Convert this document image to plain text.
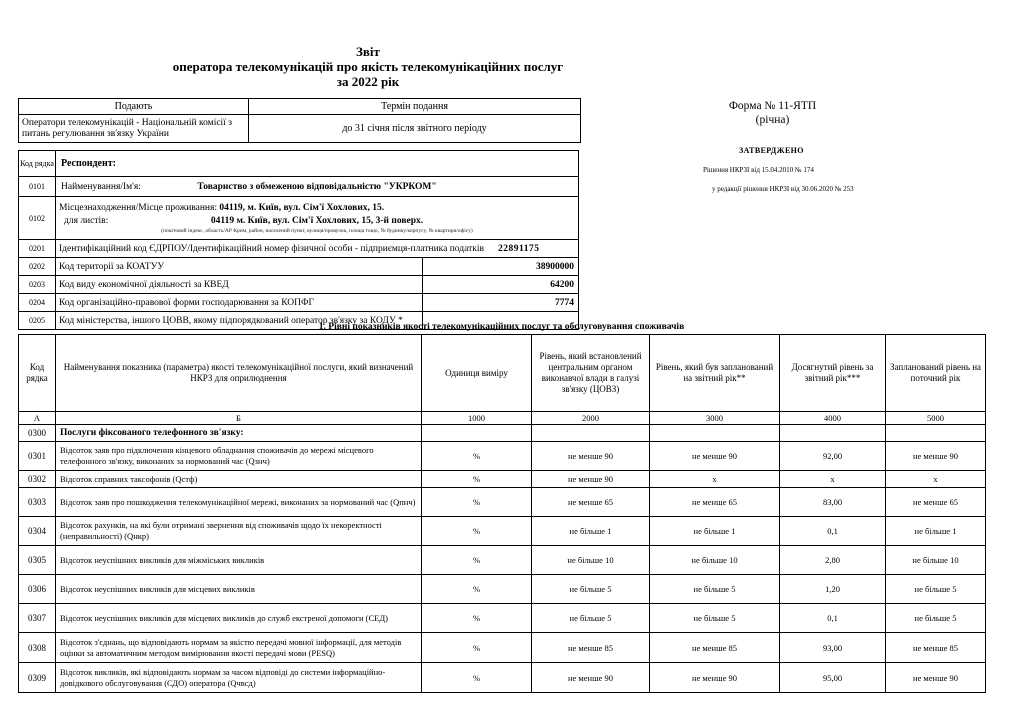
Звіт
оператора телекомунікацій про якість телекомунікаційних послуг
за 2022 рік
Форма № 11-ЯТП
(річна)
ЗАТВЕРДЖЕНО
Рішення НКРЗІ від 15.04.2010 № 174
у редакції рішення НКРЗІ від 30.06.2020 № 253
Подають	Термін подання
Оператори телекомунікацій - Національній комісії з питань регулювання зв'язку України	до 31 січня після звітного періоду
Код рядка	Респондент:	
0101	Найменування/Ім'я: Товариство з обмеженою відповідальністю "УКРКОМ"	

0102	Місцезнаходження/Місце проживання: 04119, м. Київ, вул. Сім'ї Хохлових, 15.
для листів: 04119 м. Київ, вул. Сім'ї Хохлових, 15, 3-й поверх.
(поштовий індекс, область/АР Крим, район, населений пункт, вулиця/провулок, площа тощо, № будинку/корпусу, № квартири/офісу)	

0201	Ідентифікаційний код ЄДРПОУ/Ідентифікаційний номер фізичної особи - підприємця-платника податків 22891175	
0202	Код території за КОАТУУ	38900000
0203	Код виду економічної діяльності за КВЕД	64200
0204	Код організаційно-правової форми господарювання за КОПФГ	7774
0205	Код міністерства, іншого ЦОВВ, якому підпорядкований оператор зв'язку за КОДУ *	
1. Рівні показників якості телекомунікаційних послуг та обслуговування споживачів
Код рядка	Найменування показника (параметра) якості телекомунікаційної послуги, який визначений НКРЗ для оприлюднення	Одиниця виміру	Рівень, який встановлений центральним органом виконавчої влади в галузі зв'язку (ЦОВЗ)	Рівень, який був запланований на звітний рік**	Досягнутий рівень за звітний рік***	Запланований рівень на поточний рік
А	Б	1000	2000	3000	4000	5000
0300	Послуги фіксованого телефонного зв'язку:					
0301	Відсоток заяв про підключення кінцевого обладнання споживачів до мережі місцевого телефонного зв'язку, виконаних за нормований час (Qзнч)	%	не менше 90	не менше 90	92,00	не менше 90
0302	Відсоток справних таксофонів (Qстф)	%	не менше 90	х	х	х
0303	Відсоток заяв про пошкодження телекомунікаційної мережі, виконаних за нормований час (Qпнч)	%	не менше 65	не менше 65	83,00	не менше 65
0304	Відсоток рахунків, на які були отримані звернення від споживачів щодо їх некоректності (неправильності) (Qнкр)	%	не більше 1	не більше 1	0,1	не більше 1
0305	Відсоток неуспішних викликів для міжміських викликів	%	не більше 10	не більше 10	2,80	не більше 10
0306	Відсоток неуспішних викликів для місцевих викликів	%	не більше 5	не більше 5	1,20	не більше 5
0307	Відсоток неуспішних викликів для місцевих викликів до служб екстреної допомоги (СЕД)	%	не більше 5	не більше 5	0,1	не більше 5
0308	Відсоток з'єднань, що відповідають нормам за якістю передачі мовної інформації, для методів оцінки за автоматичним методом вимірювання якості передачі мови (PESQ)	%	не менше 85	не менше 85	93,00	не менше 85
0309	Відсоток викликів, які відповідають нормам за часом відповіді до системи інформаційно-довідкового обслуговування (СДО) оператора (Qчвсд)	%	не менше 90	не менше 90	95,00	не менше 90
